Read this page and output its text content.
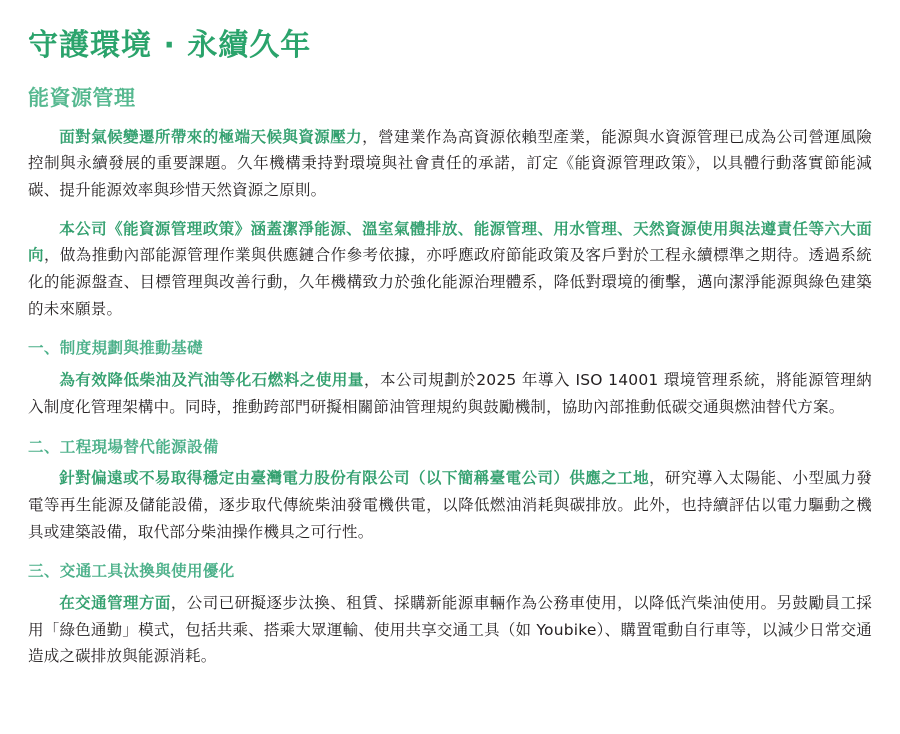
守護環境 · 永續久年
能資源管理

面對氣候變遷所帶來的極端天候與資源壓力，營建業作為高資源依賴型產業，能源與水資源管理已成為公司營運風險控制與永續發展的重要課題。久年機構秉持對環境與社會責任的承諾，訂定《能資源管理政策》，以具體行動落實節能減碳、提升能源效率與珍惜天然資源之原則。

本公司《能資源管理政策》涵蓋潔淨能源、溫室氣體排放、能源管理、用水管理、天然資源使用與法遵責任等六大面向，做為推動內部能源管理作業與供應鏈合作參考依據，亦呼應政府節能政策及客戶對於工程永續標準之期待。透過系統化的能源盤查、目標管理與改善行動，久年機構致力於強化能源治理體系，降低對環境的衝擊，邁向潔淨能源與綠色建築的未來願景。

一、制度規劃與推動基礎

為有效降低柴油及汽油等化石燃料之使用量，本公司規劃於2025 年導入 ISO 14001 環境管理系統，將能源管理納入制度化管理架構中。同時，推動跨部門研擬相關節油管理規約與鼓勵機制，協助內部推動低碳交通與燃油替代方案。

二、工程現場替代能源設備

針對偏遠或不易取得穩定由臺灣電力股份有限公司（以下簡稱臺電公司）供應之工地，研究導入太陽能、小型風力發電等再生能源及儲能設備，逐步取代傳統柴油發電機供電，以降低燃油消耗與碳排放。此外，也持續評估以電力驅動之機具或建築設備，取代部分柴油操作機具之可行性。

三、交通工具汰換與使用優化

在交通管理方面，公司已研擬逐步汰換、租賃、採購新能源車輛作為公務車使用，以降低汽柴油使用。另鼓勵員工採用「綠色通勤」模式，包括共乘、搭乘大眾運輸、使用共享交通工具（如 Youbike）、購置電動自行車等，以減少日常交通造成之碳排放與能源消耗。
